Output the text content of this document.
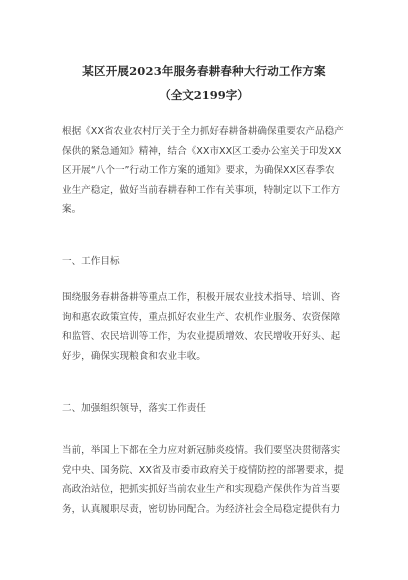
某区开展2023年服务春耕春种大行动工作方案
（全文2199字）
根据《XX省农业农村厅关于全力抓好春耕备耕确保重要农产品稳产
保供的紧急通知》精神，结合《XX市XX区工委办公室关于印发XX
区开展“八个一”行动工作方案的通知》要求，为确保XX区春季农
业生产稳定，做好当前春耕春种工作有关事项，特制定以下工作方
案。
一、工作目标
围绕服务春耕备耕等重点工作，积极开展农业技术指导、培训、咨
询和惠农政策宣传，重点抓好农业生产、农机作业服务、农资保障
和监管、农民培训等工作，为农业提质增效、农民增收开好头、起
好步，确保实现粮食和农业丰收。
二、加强组织领导，落实工作责任
当前，举国上下都在全力应对新冠肺炎疫情。我们要坚决贯彻落实
党中央、国务院、XX省及市委市政府关于疫情防控的部署要求，提
高政治站位，把抓实抓好当前农业生产和实现稳产保供作为首当要
务，认真履职尽责，密切协同配合。为经济社会全局稳定提供有力
